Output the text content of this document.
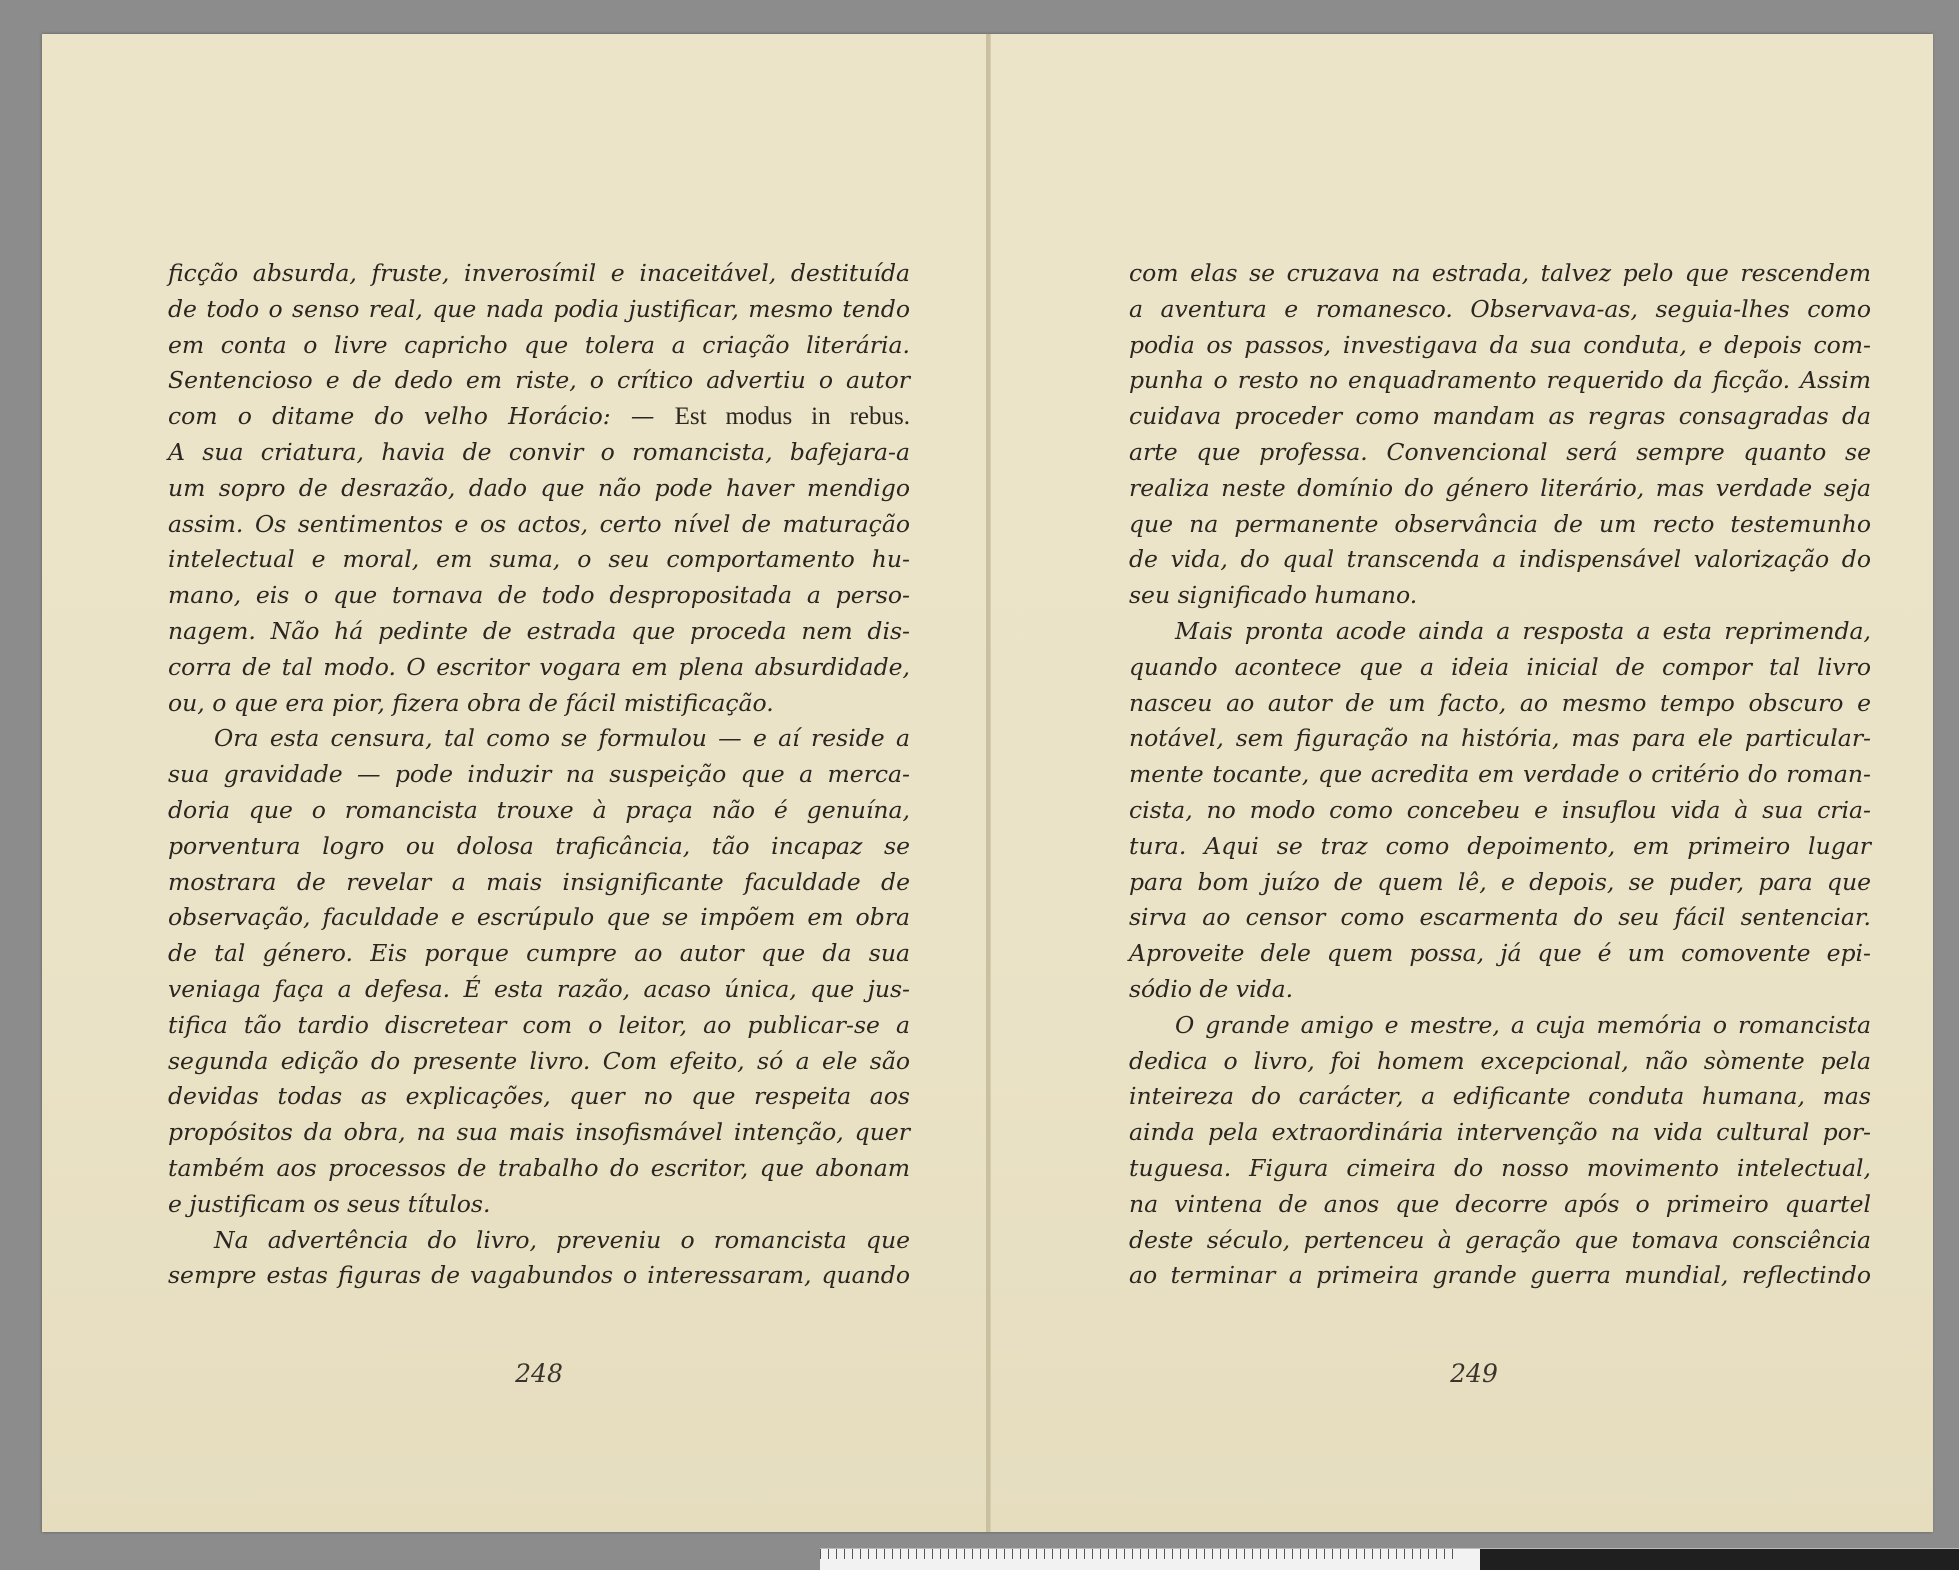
ficção absurda, fruste, inverosímil e inaceitável, destituída
de todo o senso real, que nada podia justificar, mesmo tendo
em conta o livre capricho que tolera a criação literária.
Sentencioso e de dedo em riste, o crítico advertiu o autor
com o ditame do velho Horácio: — Est modus in rebus.
A sua criatura, havia de convir o romancista, bafejara-a
um sopro de desrazão, dado que não pode haver mendigo
assim. Os sentimentos e os actos, certo nível de maturação
intelectual e moral, em suma, o seu comportamento hu-
mano, eis o que tornava de todo despropositada a perso-
nagem. Não há pedinte de estrada que proceda nem dis-
corra de tal modo. O escritor vogara em plena absurdidade,
ou, o que era pior, fizera obra de fácil mistificação.
Ora esta censura, tal como se formulou — e aí reside a
sua gravidade — pode induzir na suspeição que a merca-
doria que o romancista trouxe à praça não é genuína,
porventura logro ou dolosa traficância, tão incapaz se
mostrara de revelar a mais insignificante faculdade de
observação, faculdade e escrúpulo que se impõem em obra
de tal género. Eis porque cumpre ao autor que da sua
veniaga faça a defesa. É esta razão, acaso única, que jus-
tifica tão tardio discretear com o leitor, ao publicar-se a
segunda edição do presente livro. Com efeito, só a ele são
devidas todas as explicações, quer no que respeita aos
propósitos da obra, na sua mais insofismável intenção, quer
também aos processos de trabalho do escritor, que abonam
e justificam os seus títulos.
Na advertência do livro, preveniu o romancista que
sempre estas figuras de vagabundos o interessaram, quando
248
com elas se cruzava na estrada, talvez pelo que rescendem
a aventura e romanesco. Observava-as, seguia-lhes como
podia os passos, investigava da sua conduta, e depois com-
punha o resto no enquadramento requerido da ficção. Assim
cuidava proceder como mandam as regras consagradas da
arte que professa. Convencional será sempre quanto se
realiza neste domínio do género literário, mas verdade seja
que na permanente observância de um recto testemunho
de vida, do qual transcenda a indispensável valorização do
seu significado humano.
Mais pronta acode ainda a resposta a esta reprimenda,
quando acontece que a ideia inicial de compor tal livro
nasceu ao autor de um facto, ao mesmo tempo obscuro e
notável, sem figuração na história, mas para ele particular-
mente tocante, que acredita em verdade o critério do roman-
cista, no modo como concebeu e insuflou vida à sua cria-
tura. Aqui se traz como depoimento, em primeiro lugar
para bom juízo de quem lê, e depois, se puder, para que
sirva ao censor como escarmenta do seu fácil sentenciar.
Aproveite dele quem possa, já que é um comovente epi-
sódio de vida.
O grande amigo e mestre, a cuja memória o romancista
dedica o livro, foi homem excepcional, não sòmente pela
inteireza do carácter, a edificante conduta humana, mas
ainda pela extraordinária intervenção na vida cultural por-
tuguesa. Figura cimeira do nosso movimento intelectual,
na vintena de anos que decorre após o primeiro quartel
deste século, pertenceu à geração que tomava consciência
ao terminar a primeira grande guerra mundial, reflectindo
249
